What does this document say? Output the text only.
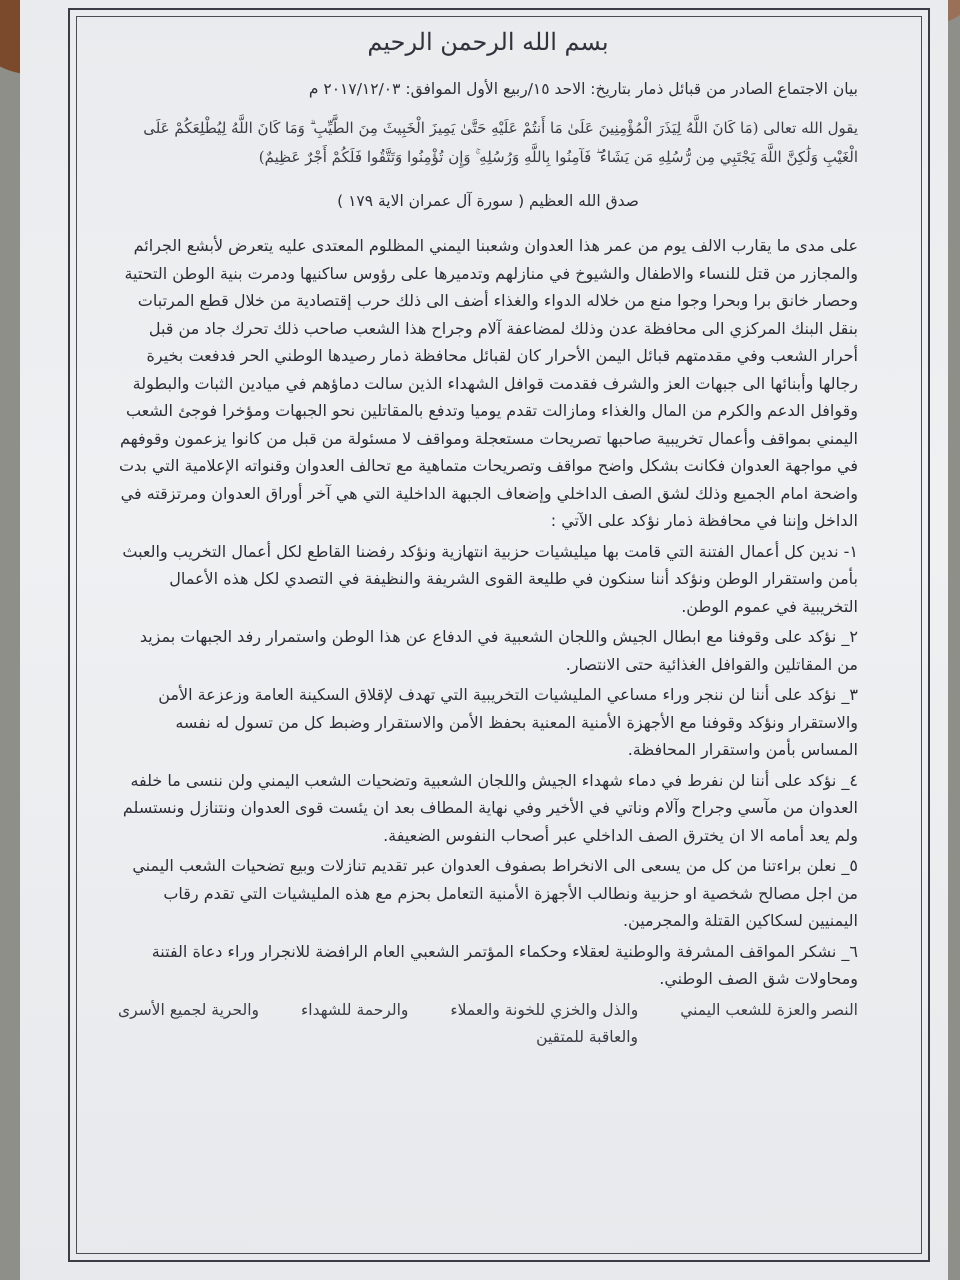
بسم الله الرحمن الرحيم
بيان الاجتماع الصادر من قبائل ذمار بتاريخ: الاحد ١٥/ربيع الأول الموافق: ٢٠١٧/١٢/٠٣ م
يقول الله تعالى (مَا كَانَ اللَّهُ لِيَذَرَ الْمُؤْمِنِينَ عَلَىٰ مَا أَنتُمْ عَلَيْهِ حَتَّىٰ يَمِيزَ الْخَبِيثَ مِنَ الطَّيِّبِ ۗ وَمَا كَانَ اللَّهُ لِيُطْلِعَكُمْ عَلَى الْغَيْبِ وَلَٰكِنَّ اللَّهَ يَجْتَبِي مِن رُّسُلِهِ مَن يَشَاءُ ۖ فَآمِنُوا بِاللَّهِ وَرُسُلِهِ ۚ وَإِن تُؤْمِنُوا وَتَتَّقُوا فَلَكُمْ أَجْرٌ عَظِيمٌ)
صدق الله العظيم ( سورة آل عمران الاية ١٧٩ )

على مدى ما يقارب الالف يوم من عمر هذا العدوان وشعبنا اليمني المظلوم المعتدى عليه يتعرض لأبشع الجرائم والمجازر من قتل للنساء والاطفال والشيوخ في منازلهم وتدميرها على رؤوس ساكنيها ودمرت بنية الوطن التحتية وحصار خانق برا وبحرا وجوا منع من خلاله الدواء والغذاء أضف الى ذلك حرب إقتصادية من خلال قطع المرتبات بنقل البنك المركزي الى محافظة عدن وذلك لمضاعفة آلام وجراح هذا الشعب صاحب ذلك تحرك جاد من قبل أحرار الشعب وفي مقدمتهم قبائل اليمن الأحرار كان لقبائل محافظة ذمار رصيدها الوطني الحر فدفعت بخيرة رجالها وأبنائها الى جبهات العز والشرف فقدمت قوافل الشهداء الذين سالت دماؤهم في ميادين الثبات والبطولة وقوافل الدعم والكرم من المال والغذاء ومازالت تقدم يوميا وتدفع بالمقاتلين نحو الجبهات ومؤخرا فوجئ الشعب اليمني بمواقف وأعمال تخريبية صاحبها تصريحات مستعجلة ومواقف لا مسئولة من قبل من كانوا يزعمون وقوفهم في مواجهة العدوان فكانت بشكل واضح مواقف وتصريحات متماهية مع تحالف العدوان وقنواته الإعلامية التي بدت واضحة امام الجميع وذلك لشق الصف الداخلي وإضعاف الجبهة الداخلية التي هي آخر أوراق العدوان ومرتزقته في الداخل وإننا في محافظة ذمار نؤكد على الآتي :

١- ندين كل أعمال الفتنة التي قامت بها ميليشيات حزبية انتهازية ونؤكد رفضنا القاطع لكل أعمال التخريب والعبث بأمن واستقرار الوطن ونؤكد أننا سنكون في طليعة القوى الشريفة والنظيفة في التصدي لكل هذه الأعمال التخريبية في عموم الوطن.

٢_ نؤكد على وقوفنا مع ابطال الجيش واللجان الشعبية في الدفاع عن هذا الوطن واستمرار رفد الجبهات بمزيد من المقاتلين والقوافل الغذائية حتى الانتصار.

٣_ نؤكد على أننا لن ننجر وراء مساعي المليشيات التخريبية التي تهدف لإقلاق السكينة العامة وزعزعة الأمن والاستقرار ونؤكد وقوفنا مع الأجهزة الأمنية المعنية بحفظ الأمن والاستقرار وضبط كل من تسول له نفسه المساس بأمن واستقرار المحافظة.

٤_ نؤكد على أننا لن نفرط في دماء شهداء الجيش واللجان الشعبية وتضحيات الشعب اليمني ولن ننسى ما خلفه العدوان من مآسي وجراح وآلام وناتي في الأخير وفي نهاية المطاف بعد ان يئست قوى العدوان ونتنازل ونستسلم ولم يعد أمامه الا ان يخترق الصف الداخلي عبر أصحاب النفوس الضعيفة.

٥_ نعلن براءتنا من كل من يسعى الى الانخراط بصفوف العدوان عبر تقديم تنازلات وبيع تضحيات الشعب اليمني من اجل مصالح شخصية او حزبية ونطالب الأجهزة الأمنية التعامل بحزم مع هذه المليشيات التي تقدم رقاب اليمنيين لسكاكين القتلة والمجرمين.

٦_ نشكر المواقف المشرفة والوطنية لعقلاء وحكماء المؤتمر الشعبي العام الرافضة للانجرار وراء دعاة الفتنة ومحاولات شق الصف الوطني.

النصر والعزة للشعب اليمني
والذل والخزي للخونة والعملاء
والرحمة للشهداء
والحرية لجميع الأسرى
والعاقبة للمتقين
